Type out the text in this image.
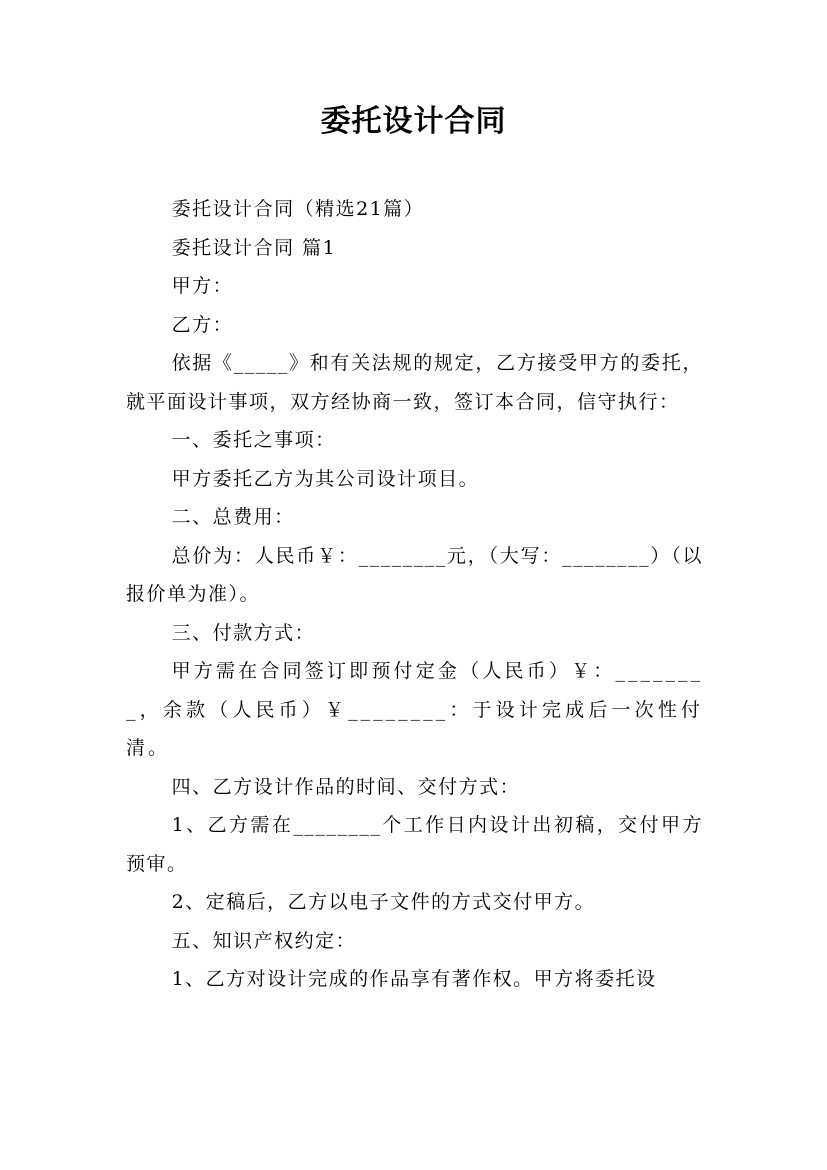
委托设计合同

委托设计合同（精选21篇）

委托设计合同 篇1

甲方：

乙方：

依据《_____》和有关法规的规定，乙方接受甲方的委托，就平面设计事项，双方经协商一致，签订本合同，信守执行：

一、委托之事项：

甲方委托乙方为其公司设计项目。

二、总费用：

总价为：人民币￥：________元，（大写：________）（以报价单为准）。

三、付款方式：

甲方需在合同签订即预付定金（人民币）￥：________，余款（人民币）￥________：于设计完成后一次性付清。

四、乙方设计作品的时间、交付方式：

1、乙方需在________个工作日内设计出初稿，交付甲方预审。

2、定稿后，乙方以电子文件的方式交付甲方。

五、知识产权约定：

1、乙方对设计完成的作品享有著作权。甲方将委托设
